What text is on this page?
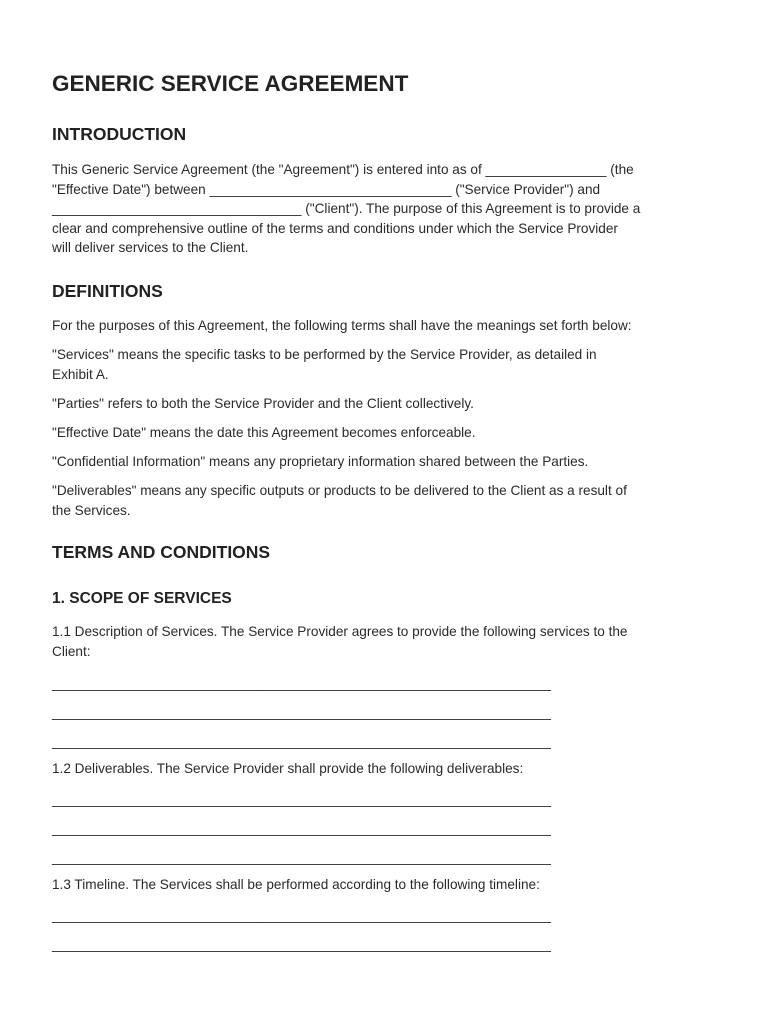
GENERIC SERVICE AGREEMENT
INTRODUCTION

This Generic Service Agreement (the "Agreement") is entered into as of ________________ (the
"Effective Date") between ________________________________ ("Service Provider") and
_________________________________ ("Client"). The purpose of this Agreement is to provide a
clear and comprehensive outline of the terms and conditions under which the Service Provider
will deliver services to the Client.

DEFINITIONS

For the purposes of this Agreement, the following terms shall have the meanings set forth below:

"Services" means the specific tasks to be performed by the Service Provider, as detailed in
Exhibit A.

"Parties" refers to both the Service Provider and the Client collectively.

"Effective Date" means the date this Agreement becomes enforceable.

"Confidential Information" means any proprietary information shared between the Parties.

"Deliverables" means any specific outputs or products to be delivered to the Client as a result of
the Services.

TERMS AND CONDITIONS
1. SCOPE OF SERVICES

1.1 Description of Services. The Service Provider agrees to provide the following services to the
Client:

__________________________________________________________________
__________________________________________________________________
__________________________________________________________________

1.2 Deliverables. The Service Provider shall provide the following deliverables:

__________________________________________________________________
__________________________________________________________________
__________________________________________________________________

1.3 Timeline. The Services shall be performed according to the following timeline:

__________________________________________________________________
__________________________________________________________________
